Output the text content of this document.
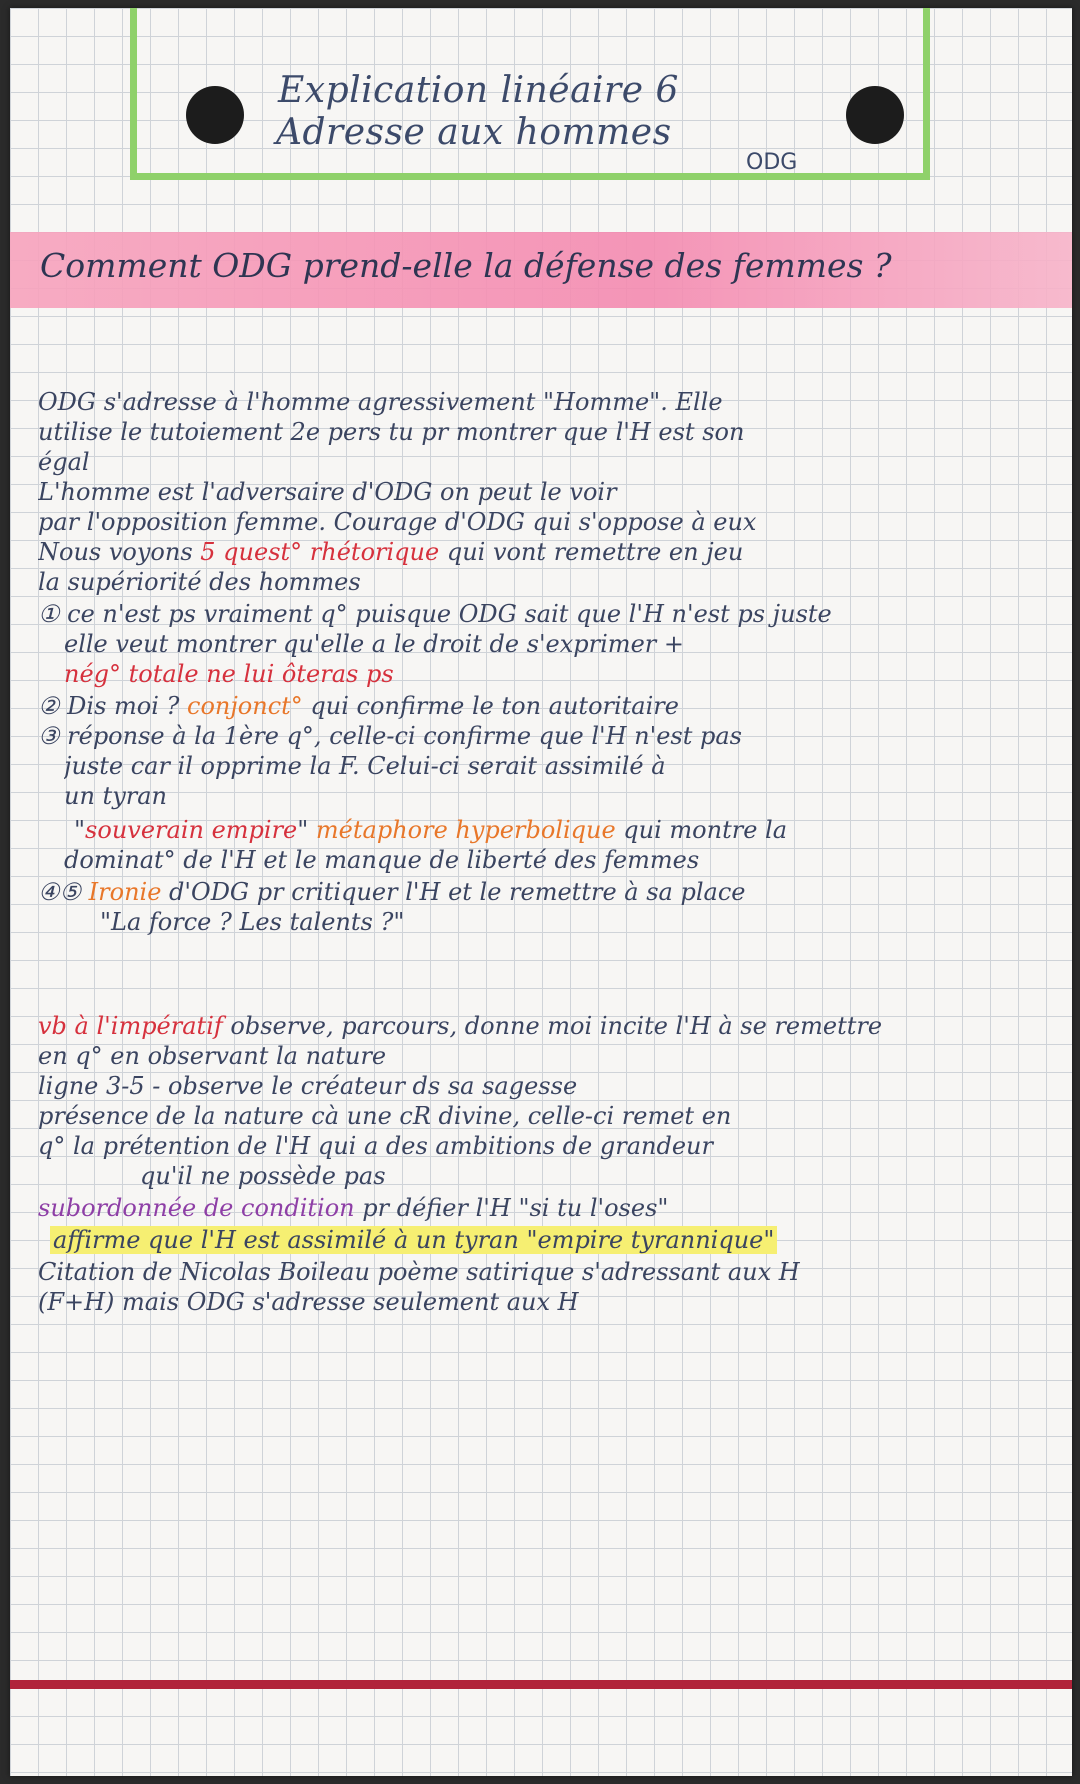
Explication linéaire 6
Adresse aux hommes
ODG
Comment ODG prend-elle la défense des femmes ?
ODG s'adresse à l'homme agressivement "Homme". Elle
utilise le tutoiement 2e pers tu pr montrer que l'H est son
égal
L'homme est l'adversaire d'ODG on peut le voir
par l'opposition femme. Courage d'ODG qui s'oppose à eux
Nous voyons 5 quest° rhétorique qui vont remettre en jeu
la supériorité des hommes
① ce n'est ps vraiment q° puisque ODG sait que l'H n'est ps juste
elle veut montrer qu'elle a le droit de s'exprimer +
nég° totale ne lui ôteras ps
② Dis moi ? conjonct° qui confirme le ton autoritaire
③ réponse à la 1ère q°, celle-ci confirme que l'H n'est pas
juste car il opprime la F. Celui-ci serait assimilé à
un tyran
"souverain empire" métaphore hyperbolique qui montre la
dominat° de l'H et le manque de liberté des femmes
④⑤ Ironie d'ODG pr critiquer l'H et le remettre à sa place
"La force ? Les talents ?"
vb à l'impératif observe, parcours, donne moi incite l'H à se remettre
en q° en observant la nature
ligne 3-5 - observe le créateur ds sa sagesse
présence de la nature cà une cR divine, celle-ci remet en
q° la prétention de l'H qui a des ambitions de grandeur
qu'il ne possède pas
subordonnée de condition pr défier l'H "si tu l'oses"
affirme que l'H est assimilé à un tyran "empire tyrannique"
Citation de Nicolas Boileau poème satirique s'adressant aux H
(F+H) mais ODG s'adresse seulement aux H
